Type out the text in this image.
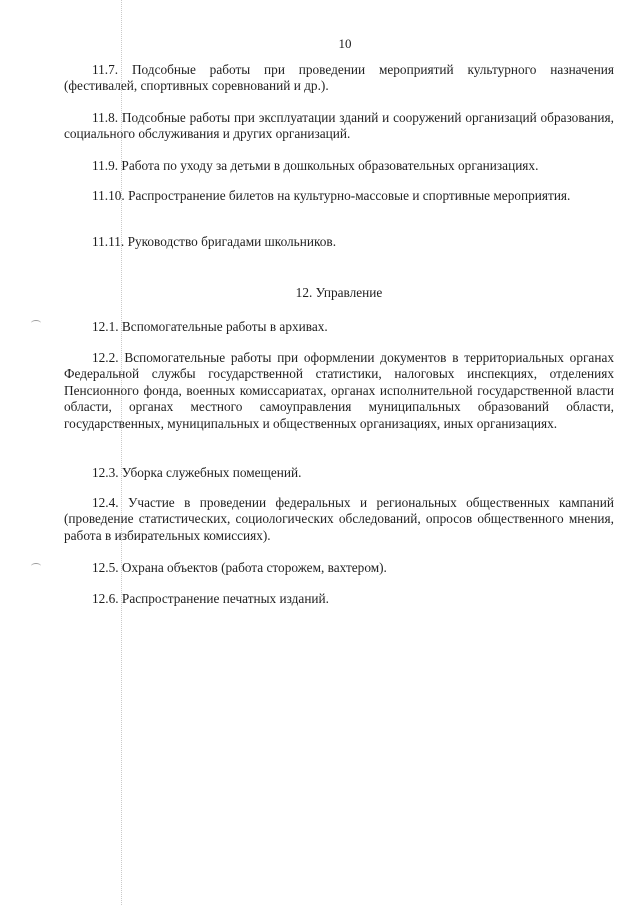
10

11.7. Подсобные работы при проведении мероприятий культурного назначения (фестивалей, спортивных соревнований и др.).

11.8. Подсобные работы при эксплуатации зданий и сооружений организаций образования, социального обслуживания и других организаций.

11.9. Работа по уходу за детьми в дошкольных образовательных организациях.

11.10. Распространение билетов на культурно-массовые и спортивные мероприятия.

11.11. Руководство бригадами школьников.

12. Управление

12.1. Вспомогательные работы в архивах.

12.2. Вспомогательные работы при оформлении документов в территориальных органах Федеральной службы государственной статистики, налоговых инспекциях, отделениях Пенсионного фонда, военных комиссариатах, органах исполнительной государственной власти области, органах местного самоуправления муниципальных образований области, государственных, муниципальных и общественных организациях, иных организациях.

12.3. Уборка служебных помещений.

12.4. Участие в проведении федеральных и региональных общественных кампаний (проведение статистических, социологических обследований, опросов общественного мнения, работа в избирательных комиссиях).

12.5. Охрана объектов (работа сторожем, вахтером).

12.6. Распространение печатных изданий.
